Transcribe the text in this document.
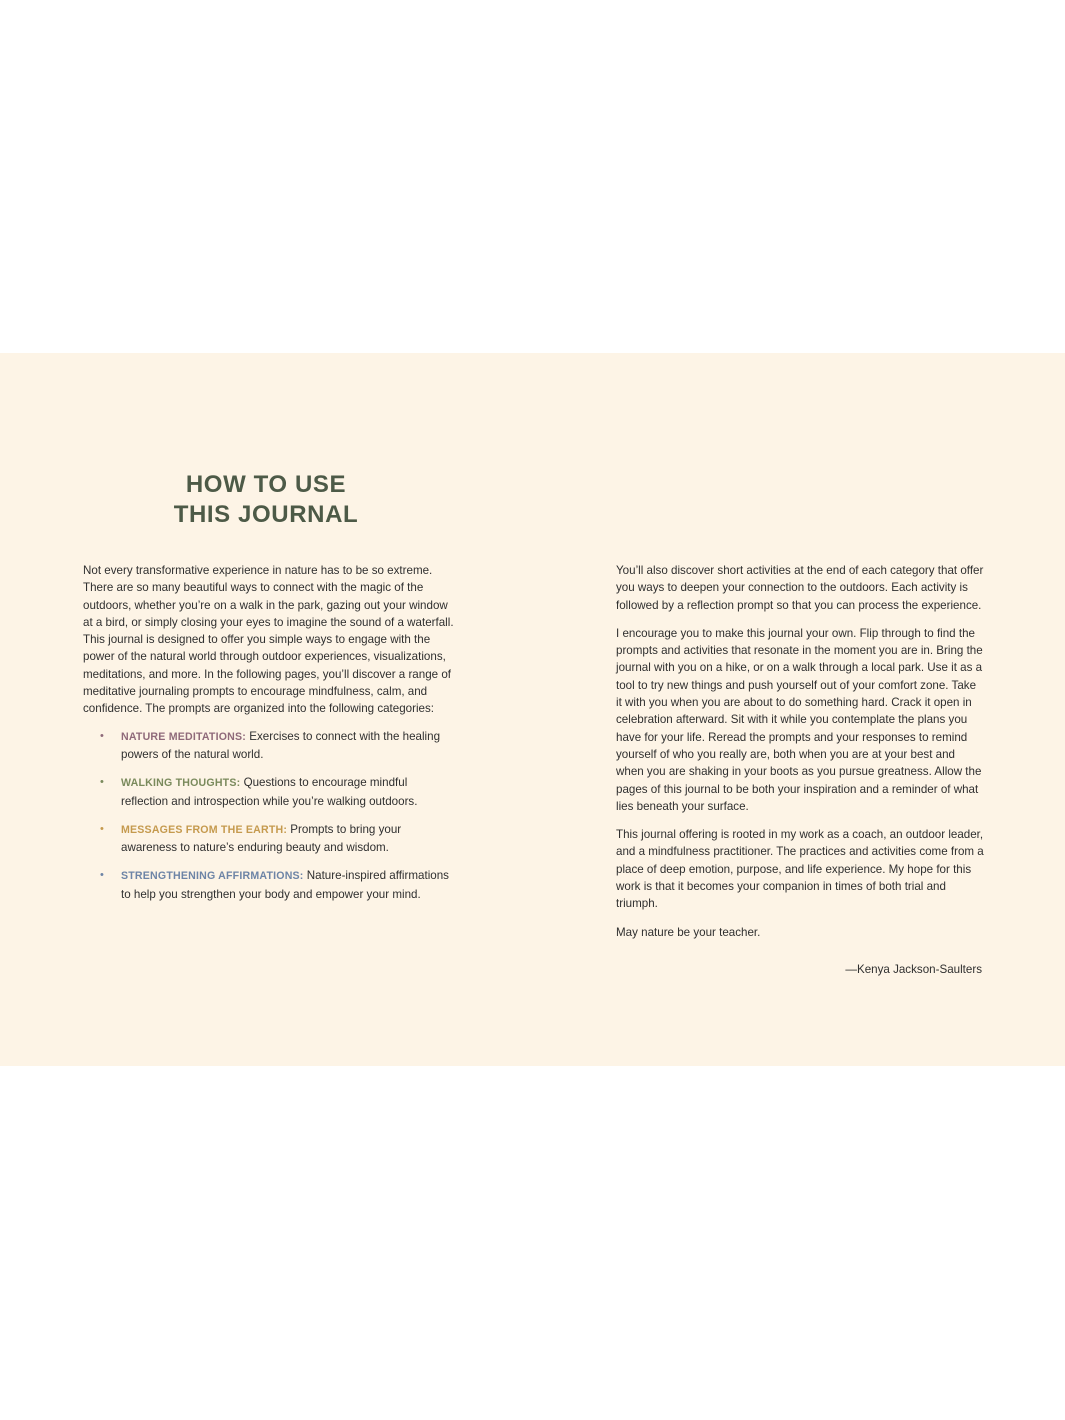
HOW TO USE
THIS JOURNAL

Not every transformative experience in nature has to be so extreme. There are so many beautiful ways to connect with the magic of the outdoors, whether you’re on a walk in the park, gazing out your window at a bird, or simply closing your eyes to imagine the sound of a waterfall. This journal is designed to offer you simple ways to engage with the power of the natural world through outdoor experiences, visualizations, meditations, and more. In the following pages, you’ll discover a range of meditative journaling prompts to encourage mindfulness, calm, and confidence. The prompts are organized into the following categories:

• NATURE MEDITATIONS: Exercises to connect with the healing powers of the natural world.
• WALKING THOUGHTS: Questions to encourage mindful reflection and introspection while you’re walking outdoors.
• MESSAGES FROM THE EARTH: Prompts to bring your awareness to nature’s enduring beauty and wisdom.
• STRENGTHENING AFFIRMATIONS: Nature-inspired affirmations to help you strengthen your body and empower your mind.

You’ll also discover short activities at the end of each category that offer you ways to deepen your connection to the outdoors. Each activity is followed by a reflection prompt so that you can process the experience.

I encourage you to make this journal your own. Flip through to find the prompts and activities that resonate in the moment you are in. Bring the journal with you on a hike, or on a walk through a local park. Use it as a tool to try new things and push yourself out of your comfort zone. Take it with you when you are about to do something hard. Crack it open in celebration afterward. Sit with it while you contemplate the plans you have for your life. Reread the prompts and your responses to remind yourself of who you really are, both when you are at your best and when you are shaking in your boots as you pursue greatness. Allow the pages of this journal to be both your inspiration and a reminder of what lies beneath your surface.

This journal offering is rooted in my work as a coach, an outdoor leader, and a mindfulness practitioner. The practices and activities come from a place of deep emotion, purpose, and life experience. My hope for this work is that it becomes your companion in times of both trial and triumph.

May nature be your teacher.

—Kenya Jackson-Saulters
